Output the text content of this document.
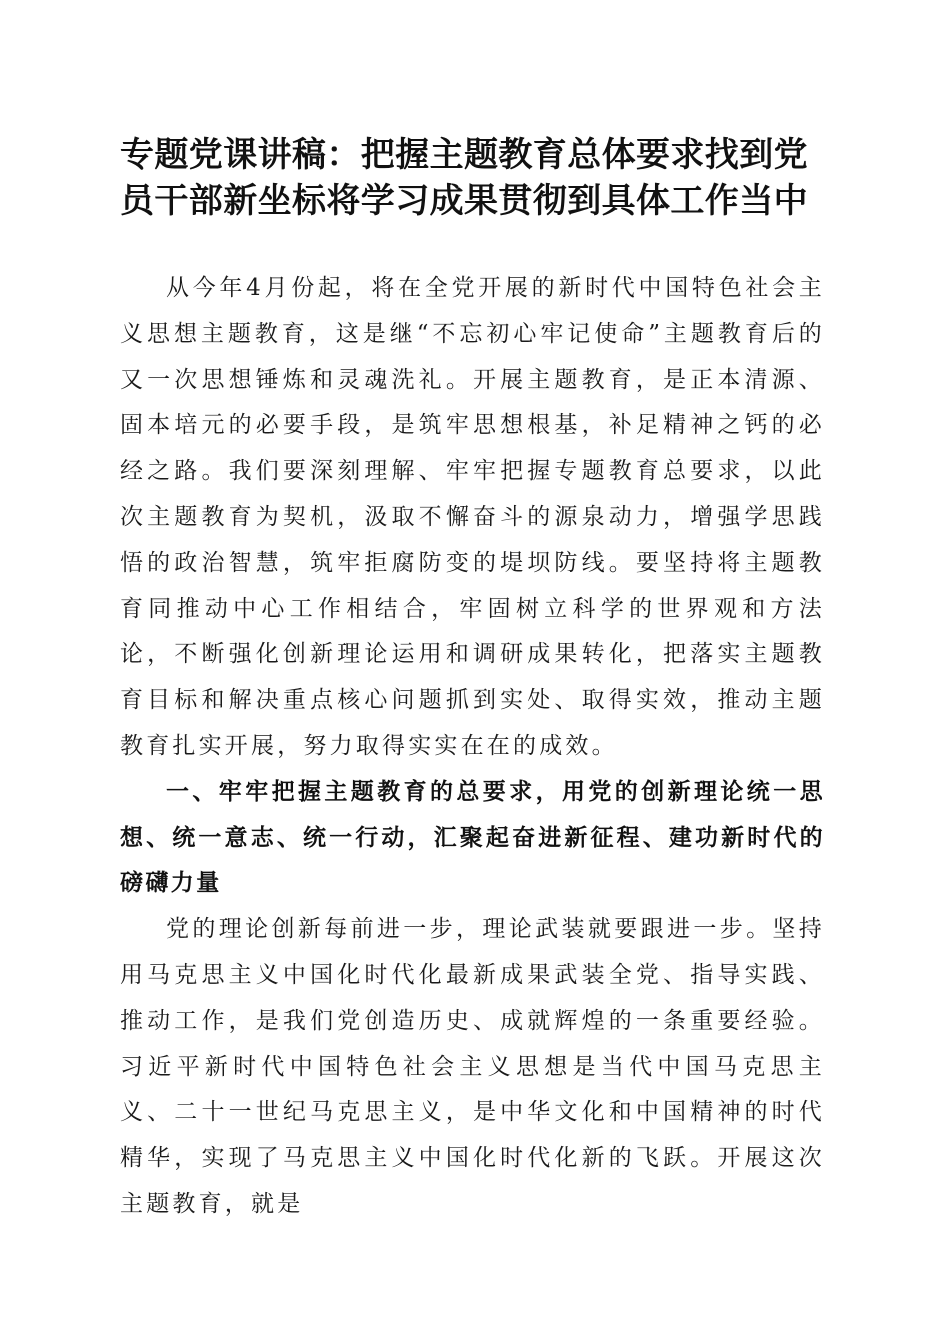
专题党课讲稿：把握主题教育总体要求找到党员干部新坐标将学习成果贯彻到具体工作当中

从今年4月份起，将在全党开展的新时代中国特色社会主义思想主题教育，这是继“不忘初心牢记使命”主题教育后的又一次思想锤炼和灵魂洗礼。开展主题教育，是正本清源、固本培元的必要手段，是筑牢思想根基，补足精神之钙的必经之路。我们要深刻理解、牢牢把握专题教育总要求，以此次主题教育为契机，汲取不懈奋斗的源泉动力，增强学思践悟的政治智慧，筑牢拒腐防变的堤坝防线。要坚持将主题教育同推动中心工作相结合，牢固树立科学的世界观和方法论，不断强化创新理论运用和调研成果转化，把落实主题教育目标和解决重点核心问题抓到实处、取得实效，推动主题教育扎实开展，努力取得实实在在的成效。

一、牢牢把握主题教育的总要求，用党的创新理论统一思想、统一意志、统一行动，汇聚起奋进新征程、建功新时代的磅礴力量

党的理论创新每前进一步，理论武装就要跟进一步。坚持用马克思主义中国化时代化最新成果武装全党、指导实践、推动工作，是我们党创造历史、成就辉煌的一条重要经验。习近平新时代中国特色社会主义思想是当代中国马克思主义、二十一世纪马克思主义，是中华文化和中国精神的时代精华，实现了马克思主义中国化时代化新的飞跃。开展这次主题教育，就是
